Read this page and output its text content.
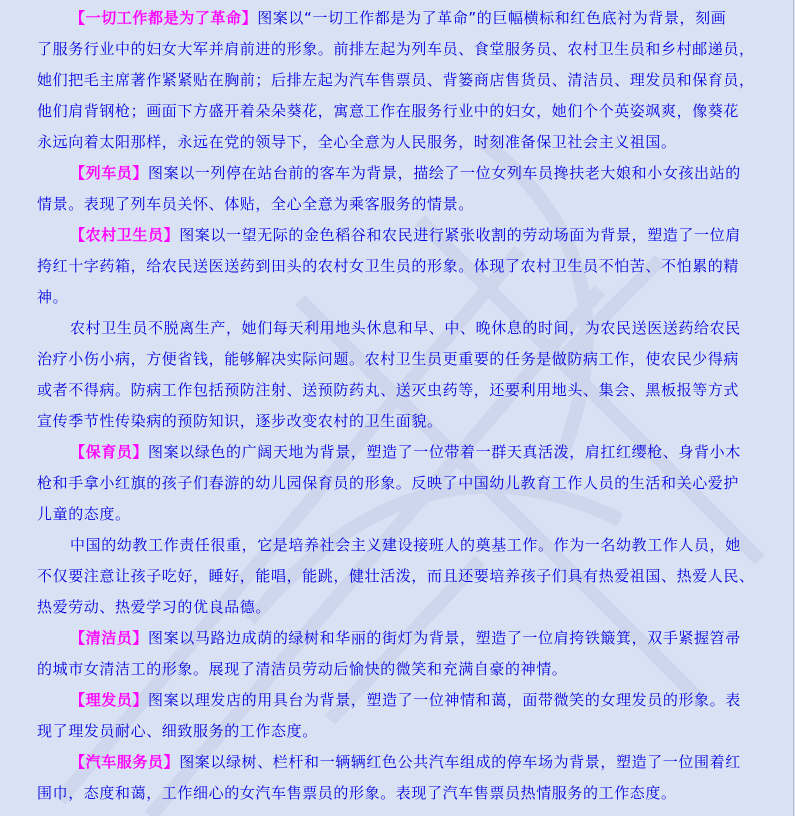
【一切工作都是为了革命】图案以“一切工作都是为了革命”的巨幅横标和红色底衬为背景，刻画
了服务行业中的妇女大军并肩前进的形象。前排左起为列车员、食堂服务员、农村卫生员和乡村邮递员，
她们把毛主席著作紧紧贴在胸前；后排左起为汽车售票员、背篓商店售货员、清洁员、理发员和保育员，
他们肩背钢枪；画面下方盛开着朵朵葵花，寓意工作在服务行业中的妇女，她们个个英姿飒爽，像葵花
永远向着太阳那样，永远在党的领导下，全心全意为人民服务，时刻准备保卫社会主义祖国。
【列车员】图案以一列停在站台前的客车为背景，描绘了一位女列车员搀扶老大娘和小女孩出站的
情景。表现了列车员关怀、体贴，全心全意为乘客服务的情景。
【农村卫生员】图案以一望无际的金色稻谷和农民进行紧张收割的劳动场面为背景，塑造了一位肩
挎红十字药箱，给农民送医送药到田头的农村女卫生员的形象。体现了农村卫生员不怕苦、不怕累的精
神。
农村卫生员不脱离生产，她们每天利用地头休息和早、中、晚休息的时间，为农民送医送药给农民
治疗小伤小病，方便省钱，能够解决实际问题。农村卫生员更重要的任务是做防病工作，使农民少得病
或者不得病。防病工作包括预防注射、送预防药丸、送灭虫药等，还要利用地头、集会、黑板报等方式
宣传季节性传染病的预防知识，逐步改变农村的卫生面貌。
【保育员】图案以绿色的广阔天地为背景，塑造了一位带着一群天真活泼，肩扛红缨枪、身背小木
枪和手拿小红旗的孩子们春游的幼儿园保育员的形象。反映了中国幼儿教育工作人员的生活和关心爱护
儿童的态度。
中国的幼教工作责任很重，它是培养社会主义建设接班人的奠基工作。作为一名幼教工作人员，她
不仅要注意让孩子吃好，睡好，能唱，能跳，健壮活泼，而且还要培养孩子们具有热爱祖国、热爱人民、
热爱劳动、热爱学习的优良品德。
【清洁员】图案以马路边成荫的绿树和华丽的街灯为背景，塑造了一位肩挎铁簸箕，双手紧握笤帚
的城市女清洁工的形象。展现了清洁员劳动后愉快的微笑和充满自豪的神情。
【理发员】图案以理发店的用具台为背景，塑造了一位神情和蔼，面带微笑的女理发员的形象。表
现了理发员耐心、细致服务的工作态度。
【汽车服务员】图案以绿树、栏杆和一辆辆红色公共汽车组成的停车场为背景，塑造了一位围着红
围巾，态度和蔼，工作细心的女汽车售票员的形象。表现了汽车售票员热情服务的工作态度。
